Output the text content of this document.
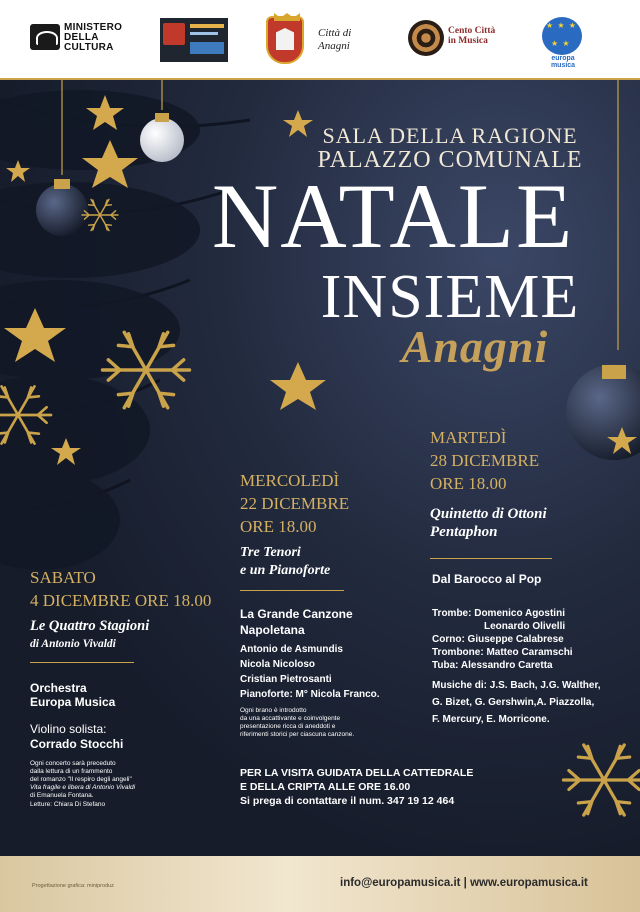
MINISTERO
DELLA
CULTURA
Città di
Anagni
Cento Città
in Musica
★ ★ ★ ★ ★
europa musica
SALA DELLA RAGIONE
PALAZZO COMUNALE
NATALE
INSIEME
Anagni
MARTEDÌ
28 DICEMBRE
ORE 18.00
Quintetto di Ottoni
Pentaphon
Dal Barocco al Pop
Trombe: Domenico Agostini
Leonardo Olivelli
Corno: Giuseppe Calabrese
Trombone: Matteo Caramschi
Tuba: Alessandro Caretta
Musiche di: J.S. Bach, J.G. Walther,
G. Bizet, G. Gershwin,A. Piazzolla,
F. Mercury, E. Morricone.
MERCOLEDÌ
22 DICEMBRE
ORE 18.00
Tre Tenori
e un Pianoforte
La Grande Canzone
Napoletana
Antonio de Asmundis
Nicola Nicoloso
Cristian Pietrosanti
Pianoforte: M° Nicola Franco.
Ogni brano è introdotto
da una accattivante e coinvolgente
presentazione ricca di aneddoti e
riferimenti storici per ciascuna canzone.
SABATO
4 DICEMBRE ORE 18.00
Le Quattro Stagioni
di Antonio Vivaldi
Orchestra
Europa Musica
Violino solista:
Corrado Stocchi
Ogni concerto sarà preceduto
dalla lettura di un frammento
del romanzo "Il respiro degli angeli"
Vita fragile e libera di Antonio Vivaldi
di Emanuela Fontana.
Letture: Chiara Di Stefano
PER LA VISITA GUIDATA DELLA CATTEDRALE
E DELLA CRIPTA ALLE ORE 16.00
Si prega di contattare il num. 347 19 12 464
Progettazione grafica: miniproduz	info@europamusica.it | www.europamusica.it
